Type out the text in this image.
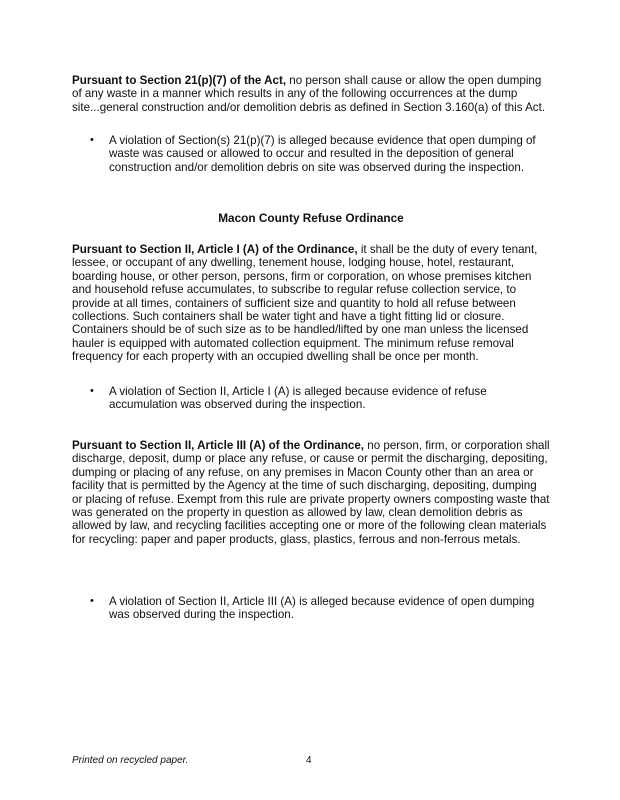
Pursuant to Section 21(p)(7) of the Act, no person shall cause or allow the open dumping of any waste in a manner which results in any of the following occurrences at the dump site...general construction and/or demolition debris as defined in Section 3.160(a) of this Act.

• A violation of Section(s) 21(p)(7) is alleged because evidence that open dumping of waste was caused or allowed to occur and resulted in the deposition of general construction and/or demolition debris on site was observed during the inspection.

Macon County Refuse Ordinance

Pursuant to Section II, Article I (A) of the Ordinance, it shall be the duty of every tenant, lessee, or occupant of any dwelling, tenement house, lodging house, hotel, restaurant, boarding house, or other person, persons, firm or corporation, on whose premises kitchen and household refuse accumulates, to subscribe to regular refuse collection service, to provide at all times, containers of sufficient size and quantity to hold all refuse between collections. Such containers shall be water tight and have a tight fitting lid or closure. Containers should be of such size as to be handled/lifted by one man unless the licensed hauler is equipped with automated collection equipment. The minimum refuse removal frequency for each property with an occupied dwelling shall be once per month.

• A violation of Section II, Article I (A) is alleged because evidence of refuse accumulation was observed during the inspection.

Pursuant to Section II, Article III (A) of the Ordinance, no person, firm, or corporation shall discharge, deposit, dump or place any refuse, or cause or permit the discharging, depositing, dumping or placing of any refuse, on any premises in Macon County other than an area or facility that is permitted by the Agency at the time of such discharging, depositing, dumping or placing of refuse. Exempt from this rule are private property owners composting waste that was generated on the property in question as allowed by law, clean demolition debris as allowed by law, and recycling facilities accepting one or more of the following clean materials for recycling: paper and paper products, glass, plastics, ferrous and non-ferrous metals.

• A violation of Section II, Article III (A) is alleged because evidence of open dumping was observed during the inspection.
Printed on recycled paper.	4
